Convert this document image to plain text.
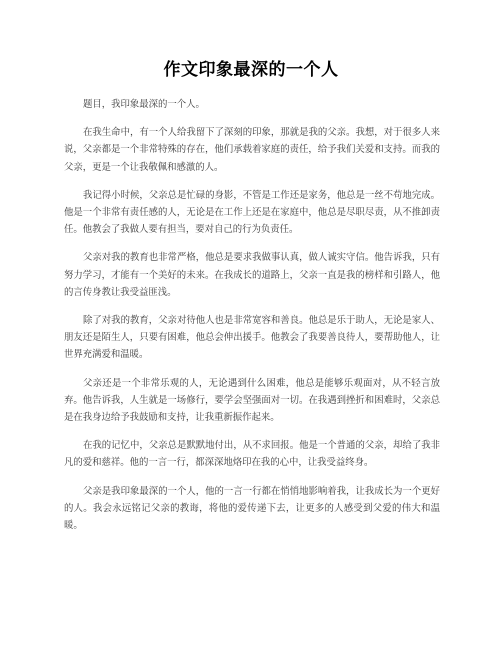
作文印象最深的一个人

题目，我印象最深的一个人。

在我生命中，有一个人给我留下了深刻的印象，那就是我的父亲。我想，对于很多人来说，父亲都是一个非常特殊的存在，他们承载着家庭的责任，给予我们关爱和支持。而我的父亲，更是一个让我敬佩和感激的人。

我记得小时候，父亲总是忙碌的身影，不管是工作还是家务，他总是一丝不苟地完成。他是一个非常有责任感的人，无论是在工作上还是在家庭中，他总是尽职尽责，从不推卸责任。他教会了我做人要有担当，要对自己的行为负责任。

父亲对我的教育也非常严格，他总是要求我做事认真，做人诚实守信。他告诉我，只有努力学习，才能有一个美好的未来。在我成长的道路上，父亲一直是我的榜样和引路人，他的言传身教让我受益匪浅。

除了对我的教育，父亲对待他人也是非常宽容和善良。他总是乐于助人，无论是家人、朋友还是陌生人，只要有困难，他总会伸出援手。他教会了我要善良待人，要帮助他人，让世界充满爱和温暖。

父亲还是一个非常乐观的人，无论遇到什么困难，他总是能够乐观面对，从不轻言放弃。他告诉我，人生就是一场修行，要学会坚强面对一切。在我遇到挫折和困难时，父亲总是在我身边给予我鼓励和支持，让我重新振作起来。

在我的记忆中，父亲总是默默地付出，从不求回报。他是一个普通的父亲，却给了我非凡的爱和慈祥。他的一言一行，都深深地烙印在我的心中，让我受益终身。

父亲是我印象最深的一个人，他的一言一行都在悄悄地影响着我，让我成长为一个更好的人。我会永远铭记父亲的教诲，将他的爱传递下去，让更多的人感受到父爱的伟大和温暖。
